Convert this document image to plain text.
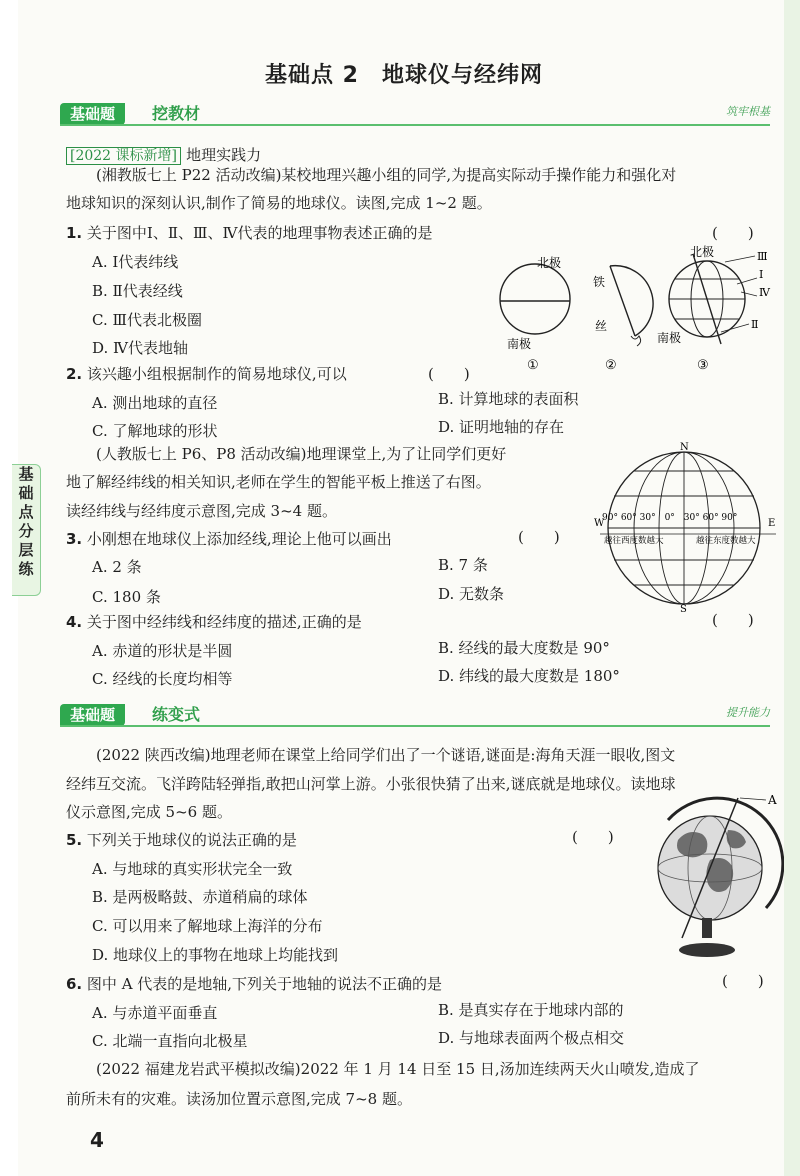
基础点 2　地球仪与经纬网
基础题	挖教材	筑牢根基
基
础
点
分
层
练
[2022 课标新增] 地理实践力
(湘教版七上 P22 活动改编)某校地理兴趣小组的同学,为提高实际动手操作能力和强化对
地球知识的深刻认识,制作了简易的地球仪。读图,完成 1~2 题。
1. 关于图中Ⅰ、Ⅱ、Ⅲ、Ⅳ代表的地理事物表述正确的是	(　　)
A. Ⅰ代表纬线
B. Ⅱ代表经线
C. Ⅲ代表北极圈
D. Ⅳ代表地轴
北极
南极
①
铁
丝
②
北极
南极
Ⅲ
Ⅰ
Ⅳ
Ⅱ
③
2. 该兴趣小组根据制作的简易地球仪,可以	(　　)
A. 测出地球的直径	B. 计算地球的表面积
C. 了解地球的形状	D. 证明地轴的存在
(人教版七上 P6、P8 活动改编)地理课堂上,为了让同学们更好
地了解经纬线的相关知识,老师在学生的智能平板上推送了右图。
读经纬线与经纬度示意图,完成 3~4 题。
N
S
W	E
90° 60° 30°　0°　30° 60° 90°
越往西度数越大	越往东度数越大
3. 小刚想在地球仪上添加经线,理论上他可以画出	(　　)
A. 2 条	B. 7 条
C. 180 条	D. 无数条
4. 关于图中经纬线和经纬度的描述,正确的是	(　　)
A. 赤道的形状是半圆	B. 经线的最大度数是 90°
C. 经线的长度均相等	D. 纬线的最大度数是 180°
基础题	练变式	提升能力
(2022 陕西改编)地理老师在课堂上给同学们出了一个谜语,谜面是:海角天涯一眼收,图文
经纬互交流。飞洋跨陆轻弹指,敢把山河掌上游。小张很快猜了出来,谜底就是地球仪。读地球
仪示意图,完成 5~6 题。
A
5. 下列关于地球仪的说法正确的是	(　　)
A. 与地球的真实形状完全一致
B. 是两极略鼓、赤道稍扁的球体
C. 可以用来了解地球上海洋的分布
D. 地球仪上的事物在地球上均能找到
6. 图中 A 代表的是地轴,下列关于地轴的说法不正确的是	(　　)
A. 与赤道平面垂直	B. 是真实存在于地球内部的
C. 北端一直指向北极星	D. 与地球表面两个极点相交
(2022 福建龙岩武平模拟改编)2022 年 1 月 14 日至 15 日,汤加连续两天火山喷发,造成了
前所未有的灾难。读汤加位置示意图,完成 7~8 题。
4
